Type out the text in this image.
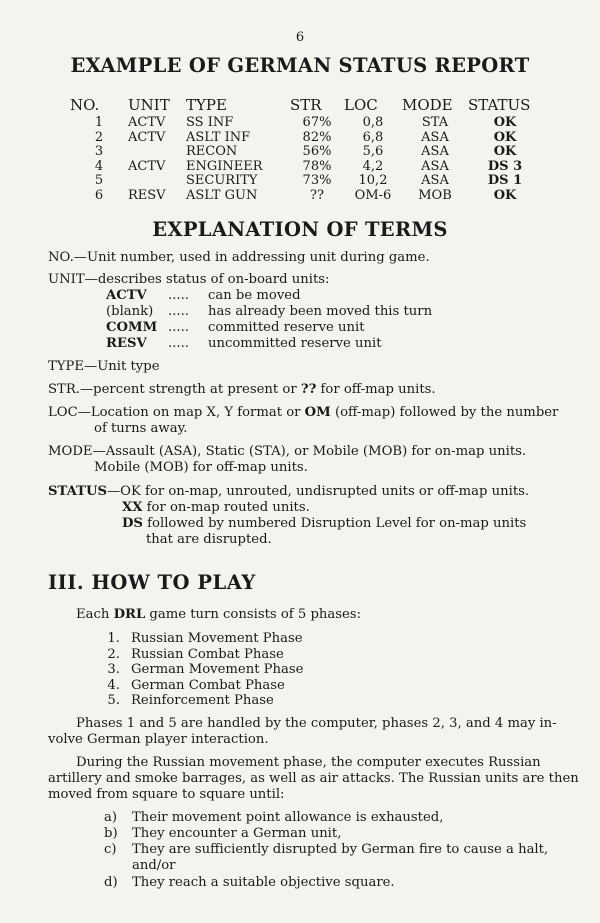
6
EXAMPLE OF GERMAN STATUS REPORT
NO.	UNIT	TYPE	STR	LOC	MODE	STATUS
1	ACTV	SS INF	67%	0,8	STA	OK
2	ACTV	ASLT INF	82%	6,8	ASA	OK
3		RECON	56%	5,6	ASA	OK
4	ACTV	ENGINEER	78%	4,2	ASA	DS 3
5		SECURITY	73%	10,2	ASA	DS 1
6	RESV	ASLT GUN	??	OM-6	MOB	OK
EXPLANATION OF TERMS
NO.—Unit number, used in addressing unit during game.
UNIT—describes status of on-board units:
ACTV ..... can be moved
(blank) ..... has already been moved this turn
COMM ..... committed reserve unit
RESV ..... uncommitted reserve unit
TYPE—Unit type
STR.—percent strength at present or ?? for off-map units.
LOC—Location on map X, Y format or OM (off-map) followed by the number
of turns away.
MODE—Assault (ASA), Static (STA), or Mobile (MOB) for on-map units.
Mobile (MOB) for off-map units.
STATUS—OK for on-map, unrouted, undisrupted units or off-map units.
XX for on-map routed units.
DS followed by numbered Disruption Level for on-map units
that are disrupted.
III. HOW TO PLAY
Each DRL game turn consists of 5 phases:
1. Russian Movement Phase
2. Russian Combat Phase
3. German Movement Phase
4. German Combat Phase
5. Reinforcement Phase
Phases 1 and 5 are handled by the computer, phases 2, 3, and 4 may in-
volve German player interaction.
During the Russian movement phase, the computer executes Russian
artillery and smoke barrages, as well as air attacks. The Russian units are then
moved from square to square until:
a) Their movement point allowance is exhausted,
b) They encounter a German unit,
c) They are sufficiently disrupted by German fire to cause a halt,
and/or
d) They reach a suitable objective square.
